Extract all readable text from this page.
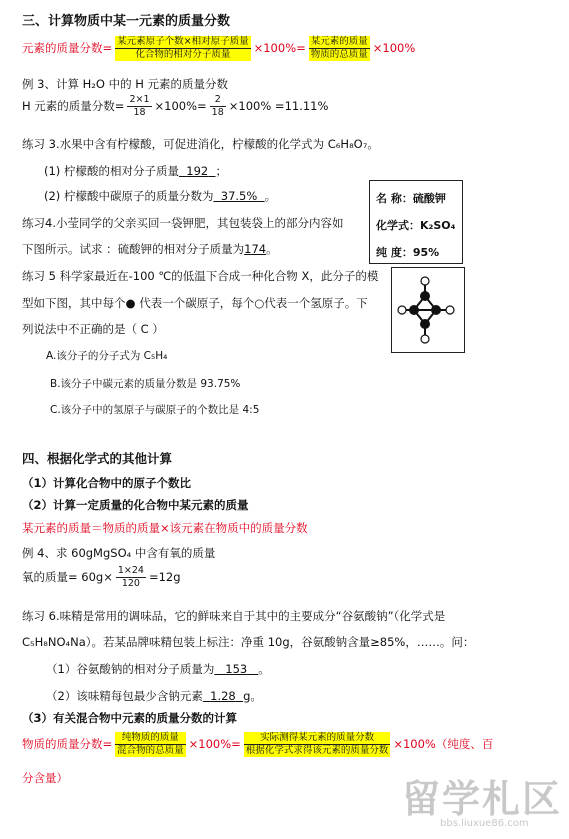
三、计算物质中某一元素的质量分数
元素的质量分数= $\frac{\text{某元素原子个数×相对原子质量}}{\text{化合物的相对分子质量}} \times 100\%= \frac{\text{某元素的质量}}{\text{物质的总质量}} \times 100\%$
例 3、计算 H₂O 中的 H 元素的质量分数
H 元素的质量分数= $\frac{2\times 1}{18} \times 100\%= \frac{2}{18} \times 100\% =11.11\%$
练习 3.水果中含有柠檬酸，可促进消化，柠檬酸的化学式为 C₆H₈O₇。
(1) 柠檬酸的相对分子质量 192 ；
(2) 柠檬酸中碳原子的质量分数为 37.5% 。
练习4.小莹同学的父亲买回一袋钾肥，其包装袋上的部分内容如
下图所示。试求 ：硫酸钾的相对分子质量为174。
名 称：硫酸钾
化学式：K₂SO₄
纯 度：95%
练习 5 科学家最近在-100 ℃的低温下合成一种化合物 X，此分子的模
型如下图，其中每个● 代表一个碳原子，每个○代表一个氢原子。下
列说法中不正确的是（ C ）
A.该分子的分子式为 C₅H₄
B.该分子中碳元素的质量分数是 93.75%
C.该分子中的氢原子与碳原子的个数比是 4:5
四、根据化学式的其他计算
（1）计算化合物中的原子个数比
（2）计算一定质量的化合物中某元素的质量
某元素的质量＝物质的质量×该元素在物质中的质量分数
例 4、求 60gMgSO₄ 中含有氧的质量
氧的质量= $60g\times \frac{1\times 24}{120} =12g$
练习 6.味精是常用的调味品，它的鲜味来自于其中的主要成分“谷氨酸钠”（化学式是
C₅H₈NO₄Na）。若某品牌味精包装上标注：净重 10g，谷氨酸钠含量≥85%，……。问：
（1）谷氨酸钠的相对分子质量为 153 。
（2）该味精每包最少含钠元素 1.28 g。
（3）有关混合物中元素的质量分数的计算
物质的质量分数= $\frac{\text{纯物质的质量}}{\text{混合物的总质量}} \times 100\%= \frac{\text{实际测得某元素的质量分数}}{\text{根据化学式求得该元素的质量分数}} \times 100\%$（纯度、百
分含量）	留学札区
bbs.liuxue86.com
